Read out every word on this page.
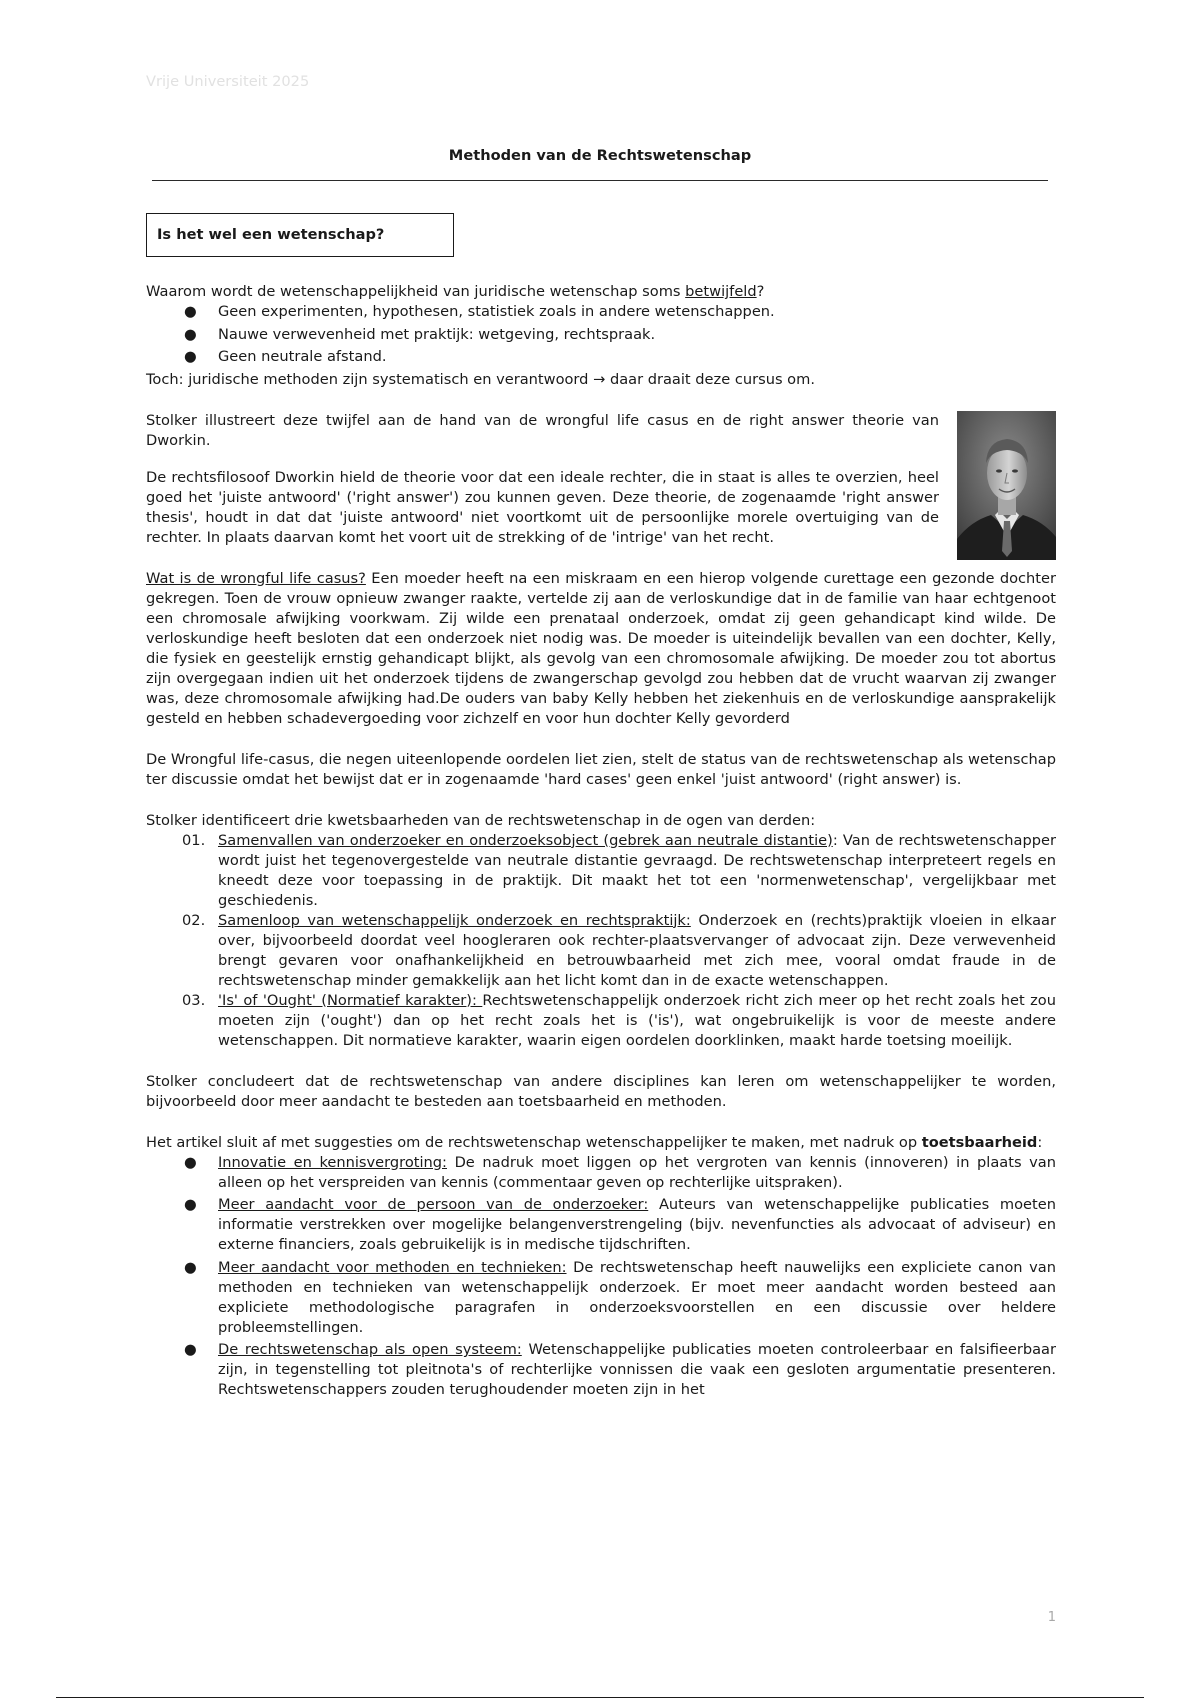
Vrije Universiteit 2025
Methoden van de Rechtswetenschap
Is het wel een wetenschap?

Waarom wordt de wetenschappelijkheid van juridische wetenschap soms betwijfeld?

● Geen experimenten, hypothesen, statistiek zoals in andere wetenschappen.
● Nauwe verwevenheid met praktijk: wetgeving, rechtspraak.
● Geen neutrale afstand.

Toch: juridische methoden zijn systematisch en verantwoord → daar draait deze cursus om.

Stolker illustreert deze twijfel aan de hand van de wrongful life casus en de right answer theorie van Dworkin.

De rechtsfilosoof Dworkin hield de theorie voor dat een ideale rechter, die in staat is alles te overzien, heel goed het 'juiste antwoord' ('right answer') zou kunnen geven. Deze theorie, de zogenaamde 'right answer thesis', houdt in dat dat 'juiste antwoord' niet voortkomt uit de persoonlijke morele overtuiging van de rechter. In plaats daarvan komt het voort uit de strekking of de 'intrige' van het recht.

Wat is de wrongful life casus? Een moeder heeft na een miskraam en een hierop volgende curettage een gezonde dochter gekregen. Toen de vrouw opnieuw zwanger raakte, vertelde zij aan de verloskundige dat in de familie van haar echtgenoot een chromosale afwijking voorkwam. Zij wilde een prenataal onderzoek, omdat zij geen gehandicapt kind wilde. De verloskundige heeft besloten dat een onderzoek niet nodig was. De moeder is uiteindelijk bevallen van een dochter, Kelly, die fysiek en geestelijk ernstig gehandicapt blijkt, als gevolg van een chromosomale afwijking. De moeder zou tot abortus zijn overgegaan indien uit het onderzoek tijdens de zwangerschap gevolgd zou hebben dat de vrucht waarvan zij zwanger was, deze chromosomale afwijking had.De ouders van baby Kelly hebben het ziekenhuis en de verloskundige aansprakelijk gesteld en hebben schadevergoeding voor zichzelf en voor hun dochter Kelly gevorderd

De Wrongful life-casus, die negen uiteenlopende oordelen liet zien, stelt de status van de rechtswetenschap als wetenschap ter discussie omdat het bewijst dat er in zogenaamde 'hard cases' geen enkel 'juist antwoord' (right answer) is.

Stolker identificeert drie kwetsbaarheden van de rechtswetenschap in de ogen van derden:

01. Samenvallen van onderzoeker en onderzoeksobject (gebrek aan neutrale distantie): Van de rechtswetenschapper wordt juist het tegenovergestelde van neutrale distantie gevraagd. De rechtswetenschap interpreteert regels en kneedt deze voor toepassing in de praktijk. Dit maakt het tot een 'normenwetenschap', vergelijkbaar met geschiedenis.
02. Samenloop van wetenschappelijk onderzoek en rechtspraktijk: Onderzoek en (rechts)praktijk vloeien in elkaar over, bijvoorbeeld doordat veel hoogleraren ook rechter-plaatsvervanger of advocaat zijn. Deze verwevenheid brengt gevaren voor onafhankelijkheid en betrouwbaarheid met zich mee, vooral omdat fraude in de rechtswetenschap minder gemakkelijk aan het licht komt dan in de exacte wetenschappen.
03. 'Is' of 'Ought' (Normatief karakter): Rechtswetenschappelijk onderzoek richt zich meer op het recht zoals het zou moeten zijn ('ought') dan op het recht zoals het is ('is'), wat ongebruikelijk is voor de meeste andere wetenschappen. Dit normatieve karakter, waarin eigen oordelen doorklinken, maakt harde toetsing moeilijk.

Stolker concludeert dat de rechtswetenschap van andere disciplines kan leren om wetenschappelijker te worden, bijvoorbeeld door meer aandacht te besteden aan toetsbaarheid en methoden.

Het artikel sluit af met suggesties om de rechtswetenschap wetenschappelijker te maken, met nadruk op toetsbaarheid:

● Innovatie en kennisvergroting: De nadruk moet liggen op het vergroten van kennis (innoveren) in plaats van alleen op het verspreiden van kennis (commentaar geven op rechterlijke uitspraken).
● Meer aandacht voor de persoon van de onderzoeker: Auteurs van wetenschappelijke publicaties moeten informatie verstrekken over mogelijke belangenverstrengeling (bijv. nevenfuncties als advocaat of adviseur) en externe financiers, zoals gebruikelijk is in medische tijdschriften.
● Meer aandacht voor methoden en technieken: De rechtswetenschap heeft nauwelijks een expliciete canon van methoden en technieken van wetenschappelijk onderzoek. Er moet meer aandacht worden besteed aan expliciete methodologische paragrafen in onderzoeksvoorstellen en een discussie over heldere probleemstellingen.
● De rechtswetenschap als open systeem: Wetenschappelijke publicaties moeten controleerbaar en falsifieerbaar zijn, in tegenstelling tot pleitnota's of rechterlijke vonnissen die vaak een gesloten argumentatie presenteren. Rechtswetenschappers zouden terughoudender moeten zijn in het
1
